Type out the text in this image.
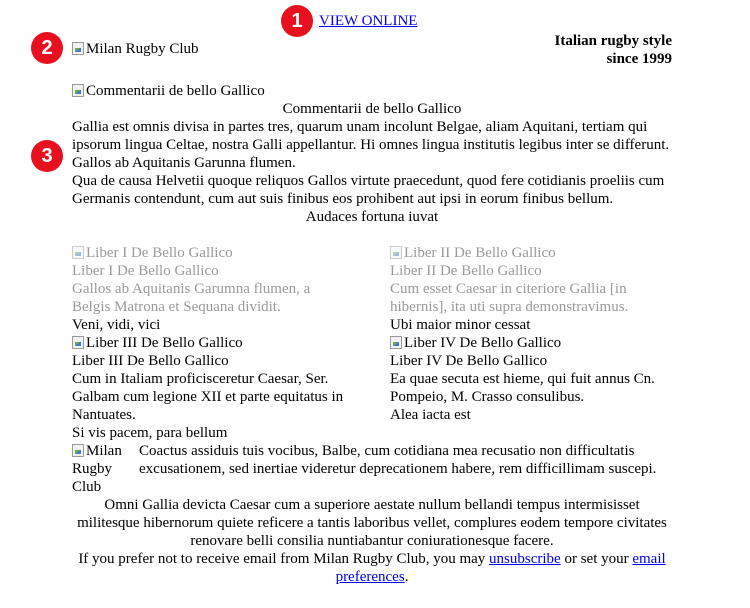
1
2
3
VIEW ONLINE
Milan Rugby Club	Italian rugby style
since 1999
Commentarii de bello Gallico
Commentarii de bello Gallico
Gallia est omnis divisa in partes tres, quarum unam incolunt Belgae, aliam Aquitani, tertiam qui ipsorum lingua Celtae, nostra Galli appellantur. Hi omnes lingua institutis legibus inter se differunt. Gallos ab Aquitanis Garunna flumen.
Qua de causa Helvetii quoque reliquos Gallos virtute praecedunt, quod fere cotidianis proeliis cum Germanis contendunt, cum aut suis finibus eos prohibent aut ipsi in eorum finibus bellum.
Audaces fortuna iuvat
Liber I De Bello Gallico
Liber I De Bello Gallico
Gallos ab Aquitanis Garumna flumen, a Belgis Matrona et Sequana dividit.
Veni, vidi, vici
Liber II De Bello Gallico
Liber II De Bello Gallico
Cum esset Caesar in citeriore Gallia [in hibernis], ita uti supra demonstravimus.
Ubi maior minor cessat
Liber III De Bello Gallico
Liber III De Bello Gallico
Cum in Italiam proficisceretur Caesar, Ser. Galbam cum legione XII et parte equitatus in Nantuates.
Si vis pacem, para bellum
Liber IV De Bello Gallico
Liber IV De Bello Gallico
Ea quae secuta est hieme, qui fuit annus Cn. Pompeio, M. Crasso consulibus.
Alea iacta est
Milan
Rugby
Club
Coactus assiduis tuis vocibus, Balbe, cum cotidiana mea recusatio non difficultatis excusationem, sed inertiae videretur deprecationem habere, rem difficillimam suscepi.
Omni Gallia devicta Caesar cum a superiore aestate nullum bellandi tempus intermisisset militesque hibernorum quiete reficere a tantis laboribus vellet, complures eodem tempore civitates renovare belli consilia nuntiabantur coniurationesque facere.
If you prefer not to receive email from Milan Rugby Club, you may unsubscribe or set your email preferences.
